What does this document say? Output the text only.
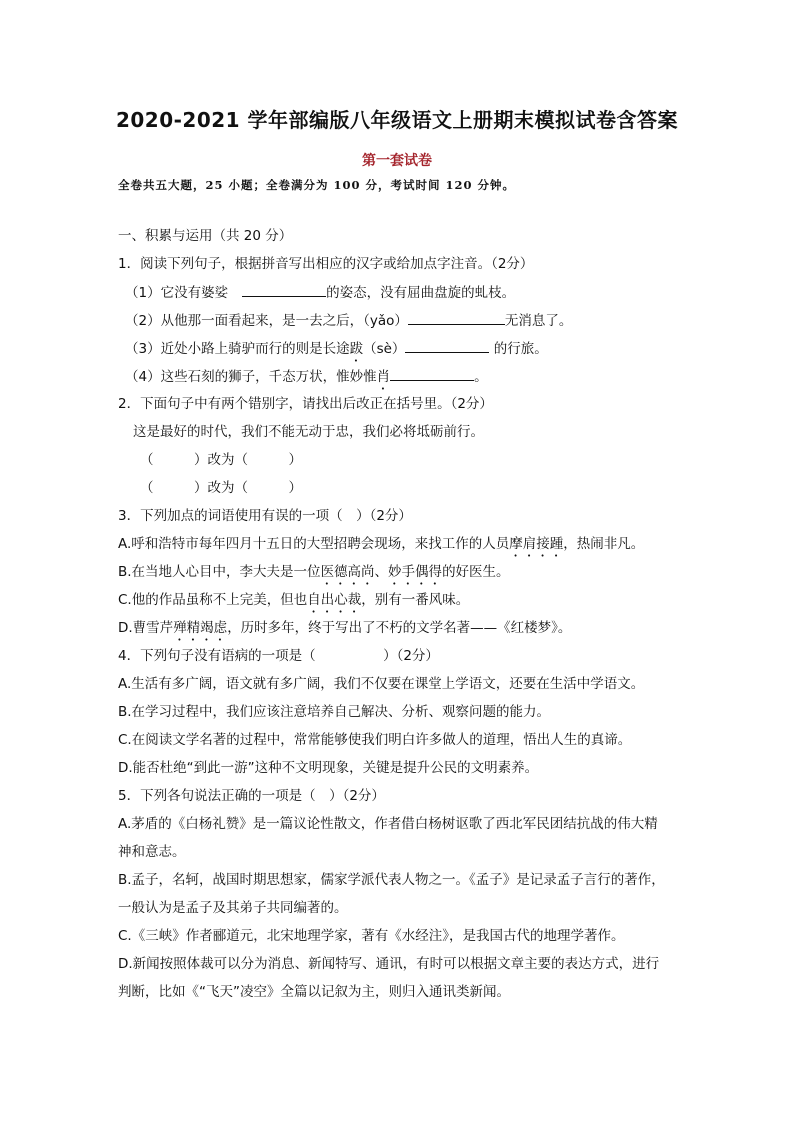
2020-2021 学年部编版八年级语文上册期末模拟试卷含答案
第一套试卷
全卷共五大题，25 小题；全卷满分为 100 分，考试时间 120 分钟。
一、积累与运用（共 20 分）
1．阅读下列句子，根据拼音写出相应的汉字或给加点字注音。（2分）
（1）它没有婆娑	的姿态，没有屈曲盘旋的虬枝。
（2）从他那一面看起来，是一去之后，（yǎo）	无消息了。
（3）近处小路上骑驴而行的则是长途跋（sè）	的行旅。
（4）这些石刻的狮子，千态万状，惟妙惟肖	。
2．下面句子中有两个错别字，请找出后改正在括号里。（2分）
这是最好的时代，我们不能无动于忠，我们必将坻砺前行。
（　　　）改为（　　　）
（　　　）改为（　　　）
3．下列加点的词语使用有误的一项（　）（2分）
A.呼和浩特市每年四月十五日的大型招聘会现场，来找工作的人员摩肩接踵，热闹非凡。
B.在当地人心目中，李大夫是一位医德高尚、妙手偶得的好医生。
C.他的作品虽称不上完美，但也自出心裁，别有一番风味。
D.曹雪芹殚精竭虑，历时多年，终于写出了不朽的文学名著——《红楼梦》。
4．下列句子没有语病的一项是（　　　　　）（2分）
A.生活有多广阔，语文就有多广阔，我们不仅要在课堂上学语文，还要在生活中学语文。
B.在学习过程中，我们应该注意培养自己解决、分析、观察问题的能力。
C.在阅读文学名著的过程中，常常能够使我们明白许多做人的道理，悟出人生的真谛。
D.能否杜绝“到此一游”这种不文明现象，关键是提升公民的文明素养。
5．下列各句说法正确的一项是（　）（2分）
A.茅盾的《白杨礼赞》是一篇议论性散文，作者借白杨树讴歌了西北军民团结抗战的伟大精
神和意志。
B.孟子，名轲，战国时期思想家，儒家学派代表人物之一。《孟子》是记录孟子言行的著作，
一般认为是孟子及其弟子共同编著的。
C.《三峡》作者郦道元，北宋地理学家，著有《水经注》，是我国古代的地理学著作。
D.新闻按照体裁可以分为消息、新闻特写、通讯，有时可以根据文章主要的表达方式，进行
判断，比如《“飞天”凌空》全篇以记叙为主，则归入通讯类新闻。
